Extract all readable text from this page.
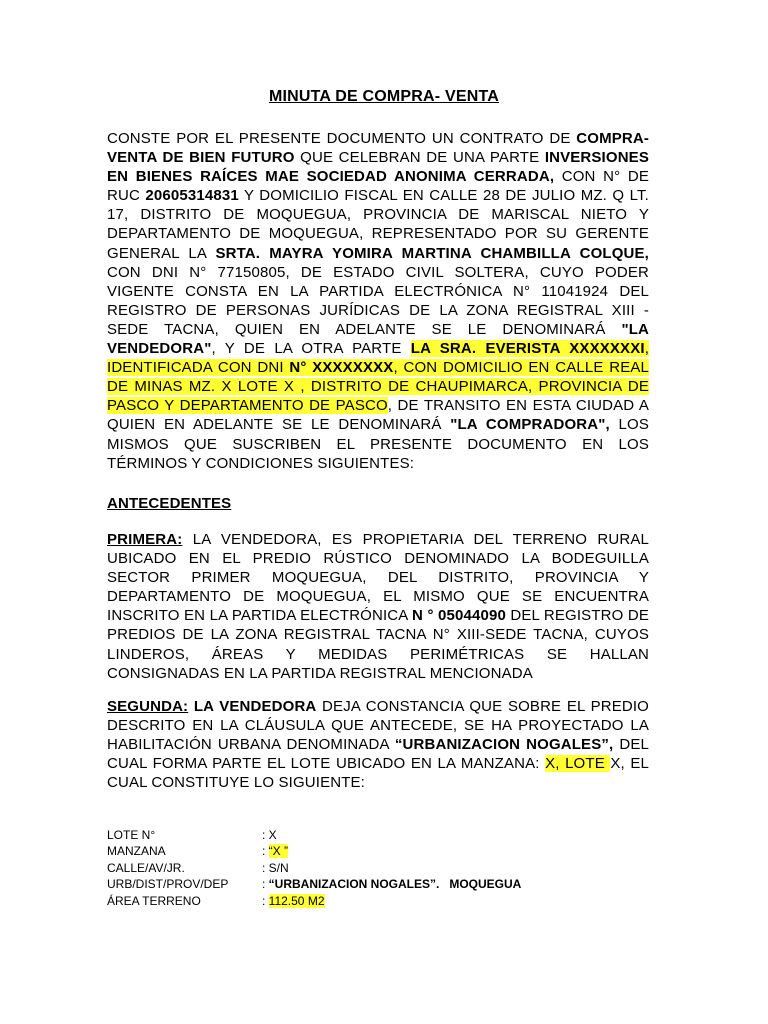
MINUTA DE COMPRA- VENTA
CONSTE POR EL PRESENTE DOCUMENTO UN CONTRATO DE COMPRA-VENTA DE BIEN FUTURO QUE CELEBRAN DE UNA PARTE INVERSIONES EN BIENES RAÍCES MAE SOCIEDAD ANONIMA CERRADA, CON N° DE RUC 20605314831 Y DOMICILIO FISCAL EN CALLE 28 DE JULIO MZ. Q LT. 17, DISTRITO DE MOQUEGUA, PROVINCIA DE MARISCAL NIETO Y DEPARTAMENTO DE MOQUEGUA, REPRESENTADO POR SU GERENTE GENERAL LA SRTA. MAYRA YOMIRA MARTINA CHAMBILLA COLQUE, CON DNI N° 77150805, DE ESTADO CIVIL SOLTERA, CUYO PODER VIGENTE CONSTA EN LA PARTIDA ELECTRÓNICA N° 11041924 DEL REGISTRO DE PERSONAS JURÍDICAS DE LA ZONA REGISTRAL XIII - SEDE TACNA, QUIEN EN ADELANTE SE LE DENOMINARÁ "LA VENDEDORA", Y DE LA OTRA PARTE LA SRA. EVERISTA XXXXXXXI, IDENTIFICADA CON DNI N° XXXXXXXX, CON DOMICILIO EN CALLE REAL DE MINAS MZ. X LOTE X , DISTRITO DE CHAUPIMARCA, PROVINCIA DE PASCO Y DEPARTAMENTO DE PASCO, DE TRANSITO EN ESTA CIUDAD A QUIEN EN ADELANTE SE LE DENOMINARÁ "LA COMPRADORA", LOS MISMOS QUE SUSCRIBEN EL PRESENTE DOCUMENTO EN LOS TÉRMINOS Y CONDICIONES SIGUIENTES:
ANTECEDENTES
PRIMERA: LA VENDEDORA, ES PROPIETARIA DEL TERRENO RURAL UBICADO EN EL PREDIO RÚSTICO DENOMINADO LA BODEGUILLA SECTOR PRIMER MOQUEGUA, DEL DISTRITO, PROVINCIA Y DEPARTAMENTO DE MOQUEGUA, EL MISMO QUE SE ENCUENTRA INSCRITO EN LA PARTIDA ELECTRÓNICA N ° 05044090 DEL REGISTRO DE PREDIOS DE LA ZONA REGISTRAL TACNA N° XIII-SEDE TACNA, CUYOS LINDEROS, ÁREAS Y MEDIDAS PERIMÉTRICAS SE HALLAN CONSIGNADAS EN LA PARTIDA REGISTRAL MENCIONADA
SEGUNDA: LA VENDEDORA DEJA CONSTANCIA QUE SOBRE EL PREDIO DESCRITO EN LA CLÁUSULA QUE ANTECEDE, SE HA PROYECTADO LA HABILITACIÓN URBANA DENOMINADA “URBANIZACION NOGALES”, DEL CUAL FORMA PARTE EL LOTE UBICADO EN LA MANZANA: X, LOTE X, EL CUAL CONSTITUYE LO SIGUIENTE:
LOTE N°	: X
MANZANA	: “X ”
CALLE/AV/JR.	: S/N
URB/DIST/PROV/DEP	: “URBANIZACION NOGALES”.   MOQUEGUA
ÁREA TERRENO	: 112.50 M2
